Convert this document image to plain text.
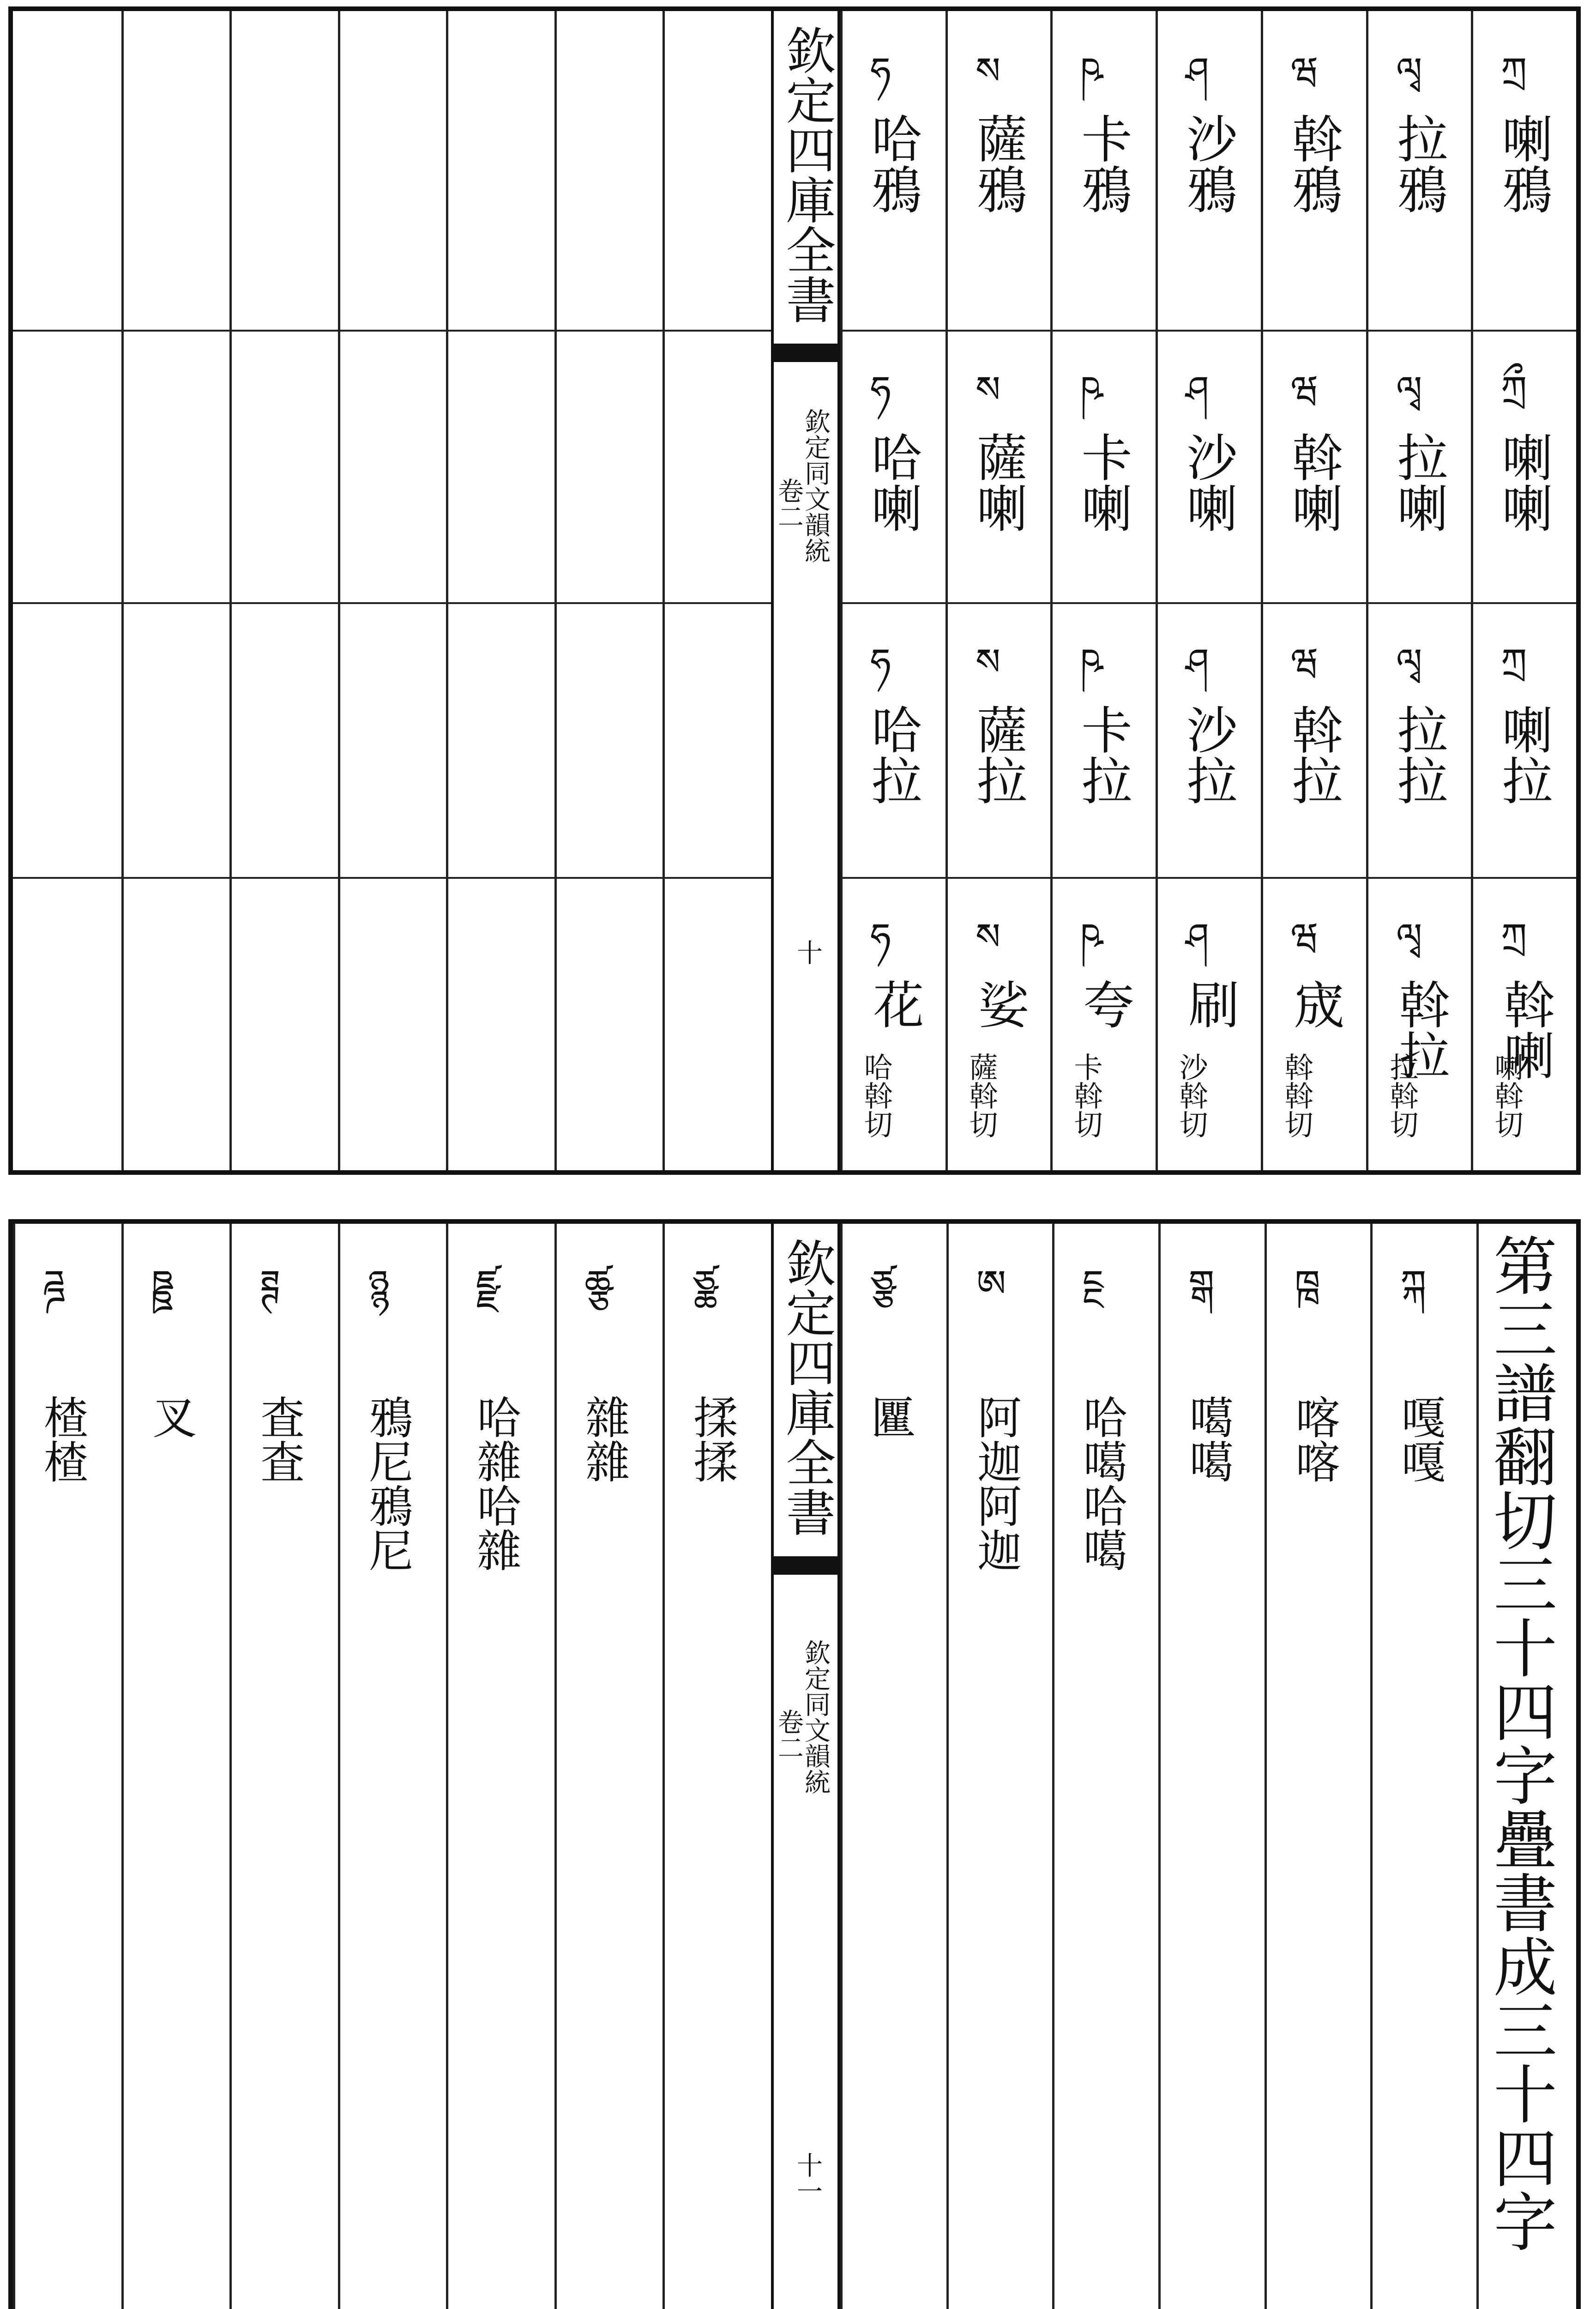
欽定四庫全書
欽定同文韻統
卷二
十
ཀྲ
喇鴉
ཀྲྀ
喇喇
ཀྲ
喇拉
ཀྲ
斡喇
喇斡切
ལྭ
拉鴉
ལྭ
拉喇
ལྭ
拉拉
ལྭ
斡拉
拉斡切
ཝ
斡鴉
ཝ
斡喇
ཝ
斡拉
ཝ
宬
斡斡切
ཤ
沙鴉
ཤ
沙喇
ཤ
沙拉
ཤ
刷
沙斡切
ཥ
卡鴉
ཥ
卡喇
ཥ
卡拉
ཥ
夸
卡斡切
ས
薩鴉
ས
薩喇
ས
薩拉
ས
娑
薩斡切
ཧ
哈鴉
ཧ
哈喇
ཧ
哈拉
ཧ
花
哈斡切
ཙྪ
揉揉
ཚྩ
雜雜
ཛྫ
哈雜哈雜
ཉྙ
鴉尼鴉尼
ཊྚ
査査
ཋྛ
叉
ཌྜ
楂楂	欽定四庫全書
欽定同文韻統
卷二
十一
ཀྐ
嘎嘎
ཁྑ
喀喀
གྒ
噶噶
ངྔ
哈噶哈噶
ཨ
阿迦阿迦
ཙྩ
匷	第三譜翻切三十四字疊書成三十四字
